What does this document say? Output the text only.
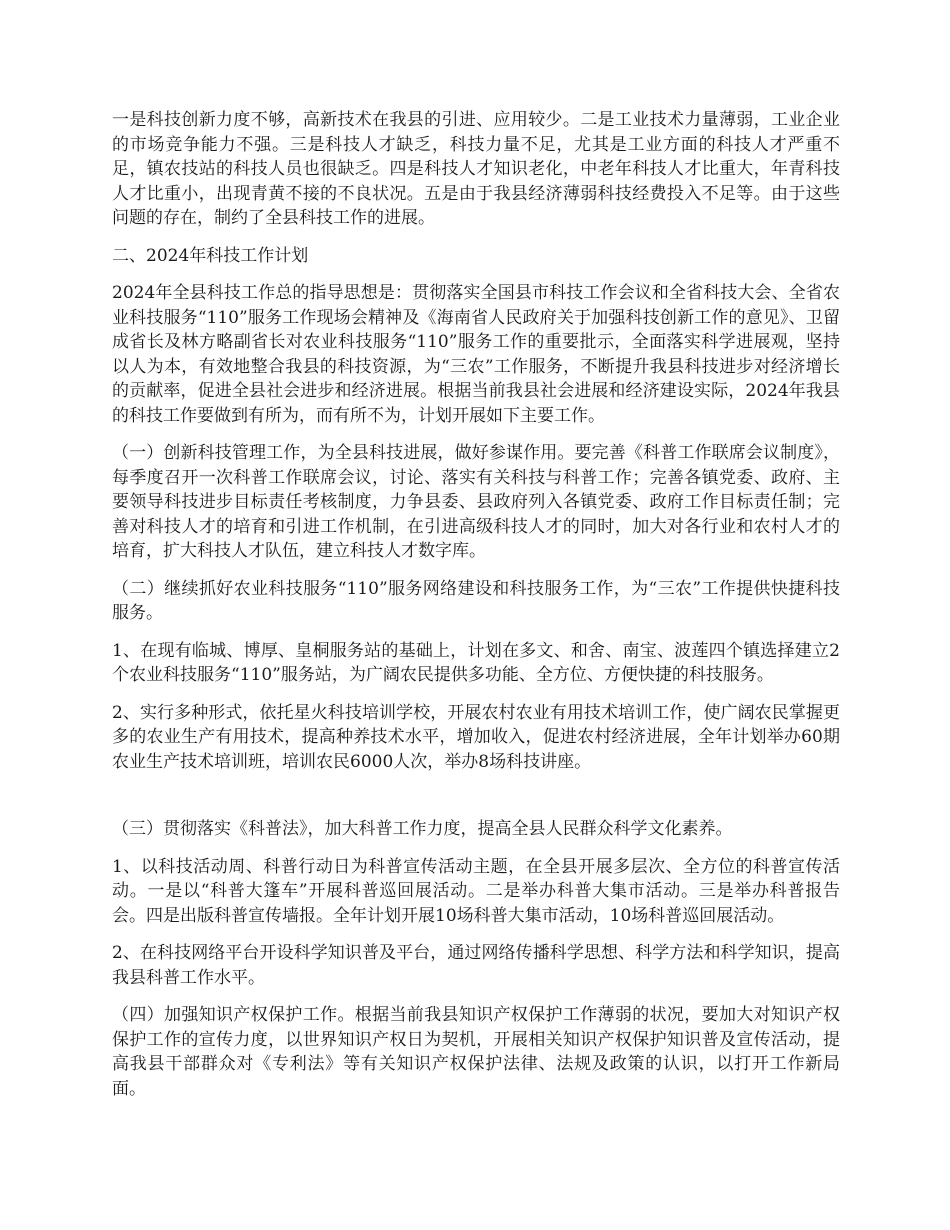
一是科技创新力度不够，高新技术在我县的引进、应用较少。二是工业技术力量薄弱，工业企业的市场竞争能力不强。三是科技人才缺乏，科技力量不足，尤其是工业方面的科技人才严重不足，镇农技站的科技人员也很缺乏。四是科技人才知识老化，中老年科技人才比重大，年青科技人才比重小，出现青黄不接的不良状况。五是由于我县经济薄弱科技经费投入不足等。由于这些问题的存在，制约了全县科技工作的进展。

二、2024年科技工作计划

2024年全县科技工作总的指导思想是：贯彻落实全国县市科技工作会议和全省科技大会、全省农业科技服务“110”服务工作现场会精神及《海南省人民政府关于加强科技创新工作的意见》、卫留成省长及林方略副省长对农业科技服务“110”服务工作的重要批示，全面落实科学进展观，坚持以人为本，有效地整合我县的科技资源，为“三农”工作服务，不断提升我县科技进步对经济增长的贡献率，促进全县社会进步和经济进展。根据当前我县社会进展和经济建设实际，2024年我县的科技工作要做到有所为，而有所不为，计划开展如下主要工作。

（一）创新科技管理工作，为全县科技进展，做好参谋作用。要完善《科普工作联席会议制度》，每季度召开一次科普工作联席会议，讨论、落实有关科技与科普工作；完善各镇党委、政府、主要领导科技进步目标责任考核制度，力争县委、县政府列入各镇党委、政府工作目标责任制；完善对科技人才的培育和引进工作机制，在引进高级科技人才的同时，加大对各行业和农村人才的培育，扩大科技人才队伍，建立科技人才数字库。

（二）继续抓好农业科技服务“110”服务网络建设和科技服务工作，为“三农”工作提供快捷科技服务。

1、在现有临城、博厚、皇桐服务站的基础上，计划在多文、和舍、南宝、波莲四个镇选择建立2个农业科技服务“110”服务站，为广阔农民提供多功能、全方位、方便快捷的科技服务。

2、实行多种形式，依托星火科技培训学校，开展农村农业有用技术培训工作，使广阔农民掌握更多的农业生产有用技术，提高种养技术水平，增加收入，促进农村经济进展，全年计划举办60期农业生产技术培训班，培训农民6000人次，举办8场科技讲座。

（三）贯彻落实《科普法》，加大科普工作力度，提高全县人民群众科学文化素养。

1、以科技活动周、科普行动日为科普宣传活动主题，在全县开展多层次、全方位的科普宣传活动。一是以“科普大篷车”开展科普巡回展活动。二是举办科普大集市活动。三是举办科普报告会。四是出版科普宣传墙报。全年计划开展10场科普大集市活动，10场科普巡回展活动。

2、在科技网络平台开设科学知识普及平台，通过网络传播科学思想、科学方法和科学知识，提高我县科普工作水平。

（四）加强知识产权保护工作。根据当前我县知识产权保护工作薄弱的状况，要加大对知识产权保护工作的宣传力度，以世界知识产权日为契机，开展相关知识产权保护知识普及宣传活动，提高我县干部群众对《专利法》等有关知识产权保护法律、法规及政策的认识，以打开工作新局面。
